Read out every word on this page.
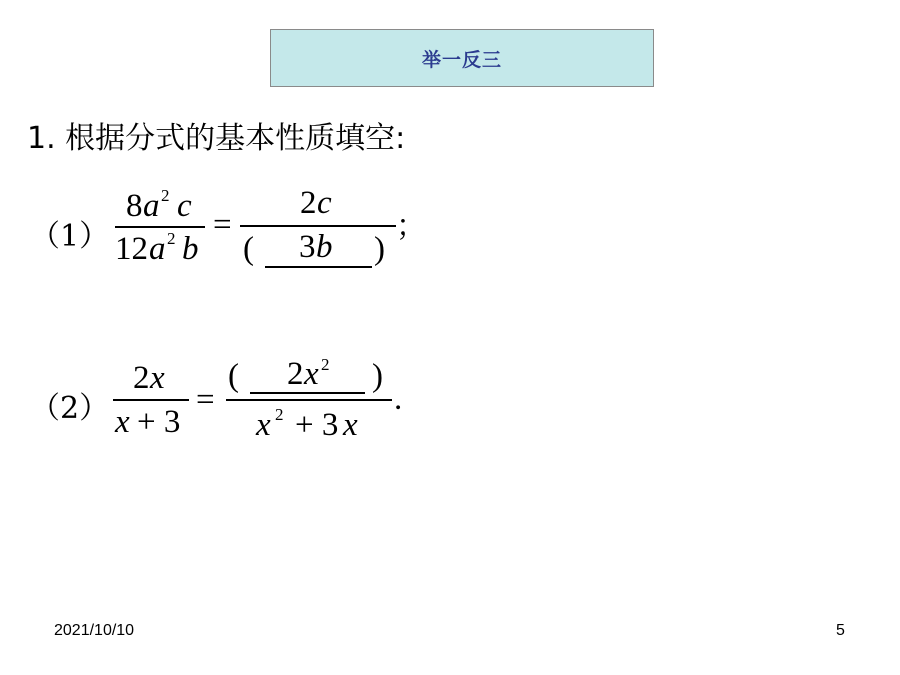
举一反三
1. 根据分式的基本性质填空:
（1）
8 a 2 c
12 a 2 b
=
2 c
( 3 b )
；
（2）
2 x
x + 3
=
( 2 x 2 )
x 2 + 3 x
.
2021/10/10	5
